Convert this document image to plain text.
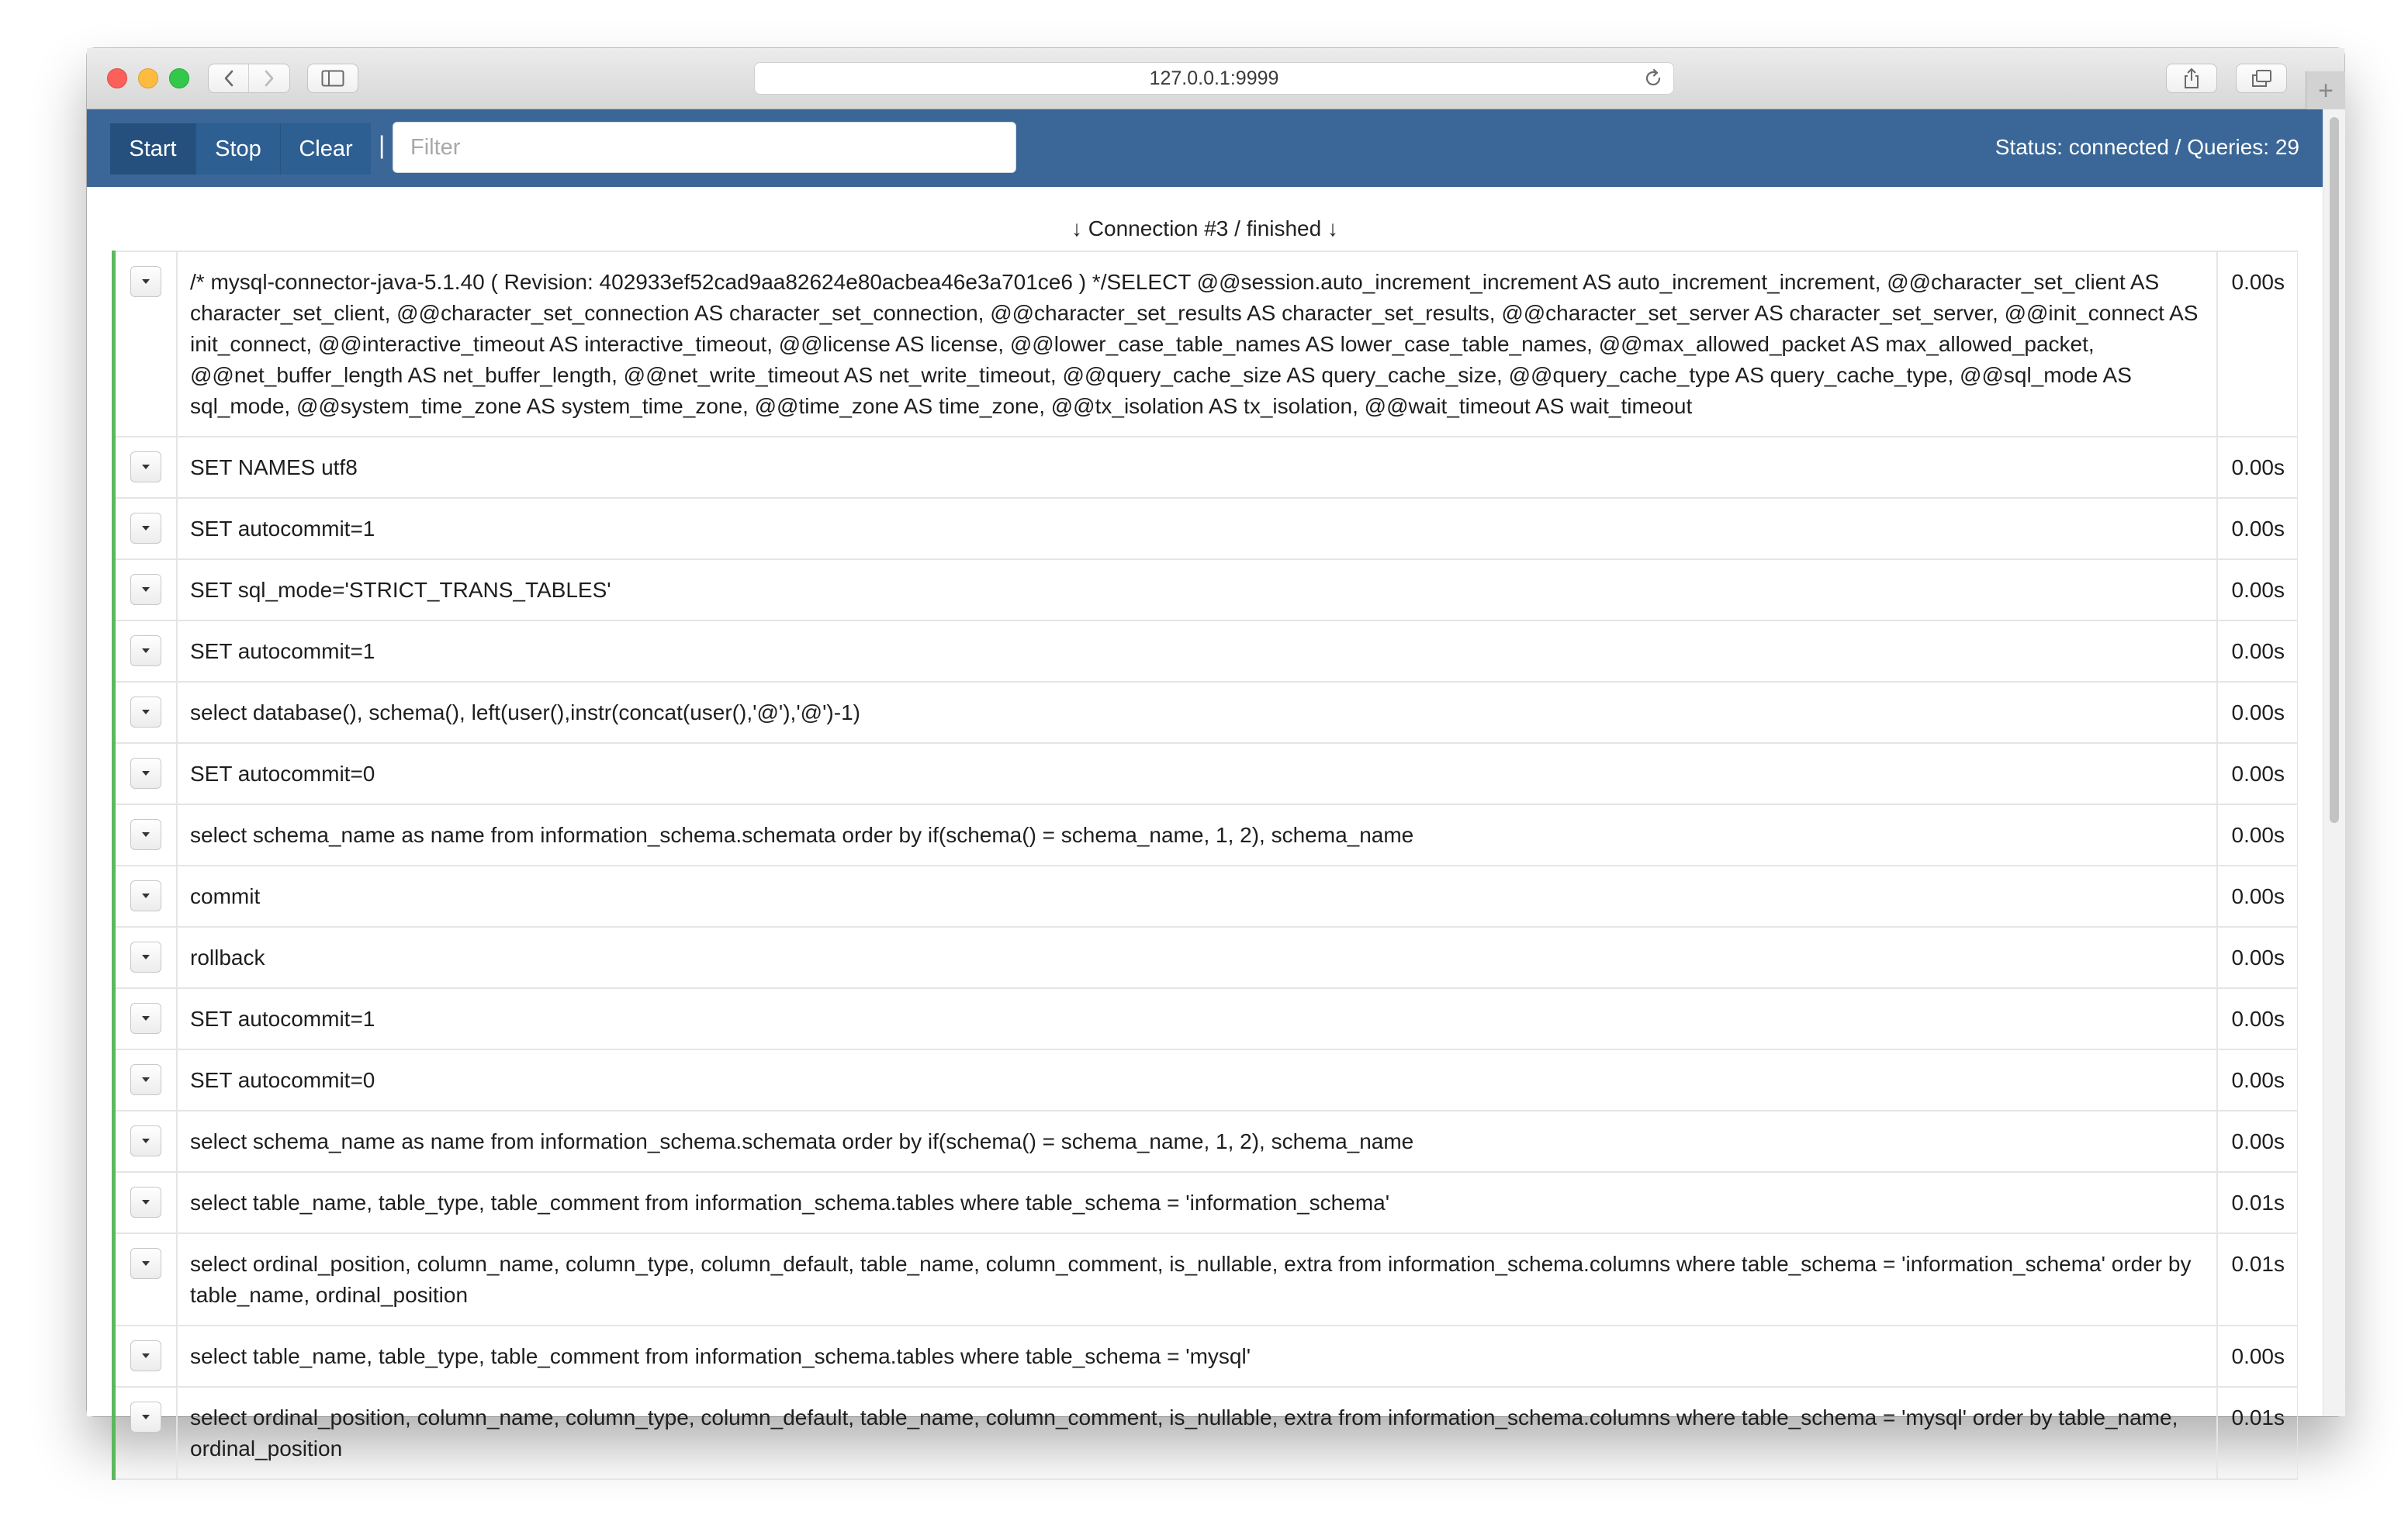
127.0.0.1:9999	+
Start	Stop	Clear	|
Filter	Status: connected / Queries: 29
↓ Connection #3 / finished ↓
/* mysql-connector-java-5.1.40 ( Revision: 402933ef52cad9aa82624e80acbea46e3a701ce6 ) */SELECT @@session.auto_increment_increment AS auto_increment_increment, @@character_set_client AS character_set_client, @@character_set_connection AS character_set_connection, @@character_set_results AS character_set_results, @@character_set_server AS character_set_server, @@init_connect AS init_connect, @@interactive_timeout AS interactive_timeout, @@license AS license, @@lower_case_table_names AS lower_case_table_names, @@max_allowed_packet AS max_allowed_packet, @@net_buffer_length AS net_buffer_length, @@net_write_timeout AS net_write_timeout, @@query_cache_size AS query_cache_size, @@query_cache_type AS query_cache_type, @@sql_mode AS sql_mode, @@system_time_zone AS system_time_zone, @@time_zone AS time_zone, @@tx_isolation AS tx_isolation, @@wait_timeout AS wait_timeout
0.00s
SET NAMES utf8	0.00s
SET autocommit=1	0.00s
SET sql_mode='STRICT_TRANS_TABLES'	0.00s
SET autocommit=1	0.00s
select database(), schema(), left(user(),instr(concat(user(),'@'),'@')-1)	0.00s
SET autocommit=0	0.00s
select schema_name as name from information_schema.schemata order by if(schema() = schema_name, 1, 2), schema_name	0.00s
commit	0.00s
rollback	0.00s
SET autocommit=1	0.00s
SET autocommit=0	0.00s
select schema_name as name from information_schema.schemata order by if(schema() = schema_name, 1, 2), schema_name	0.00s
select table_name, table_type, table_comment from information_schema.tables where table_schema = 'information_schema'	0.01s
select ordinal_position, column_name, column_type, column_default, table_name, column_comment, is_nullable, extra from information_schema.columns where table_schema = 'information_schema' order by table_name, ordinal_position
0.01s
select table_name, table_type, table_comment from information_schema.tables where table_schema = 'mysql'	0.00s
select ordinal_position, column_name, column_type, column_default, table_name, column_comment, is_nullable, extra from information_schema.columns where table_schema = 'mysql' order by table_name, ordinal_position
0.01s
